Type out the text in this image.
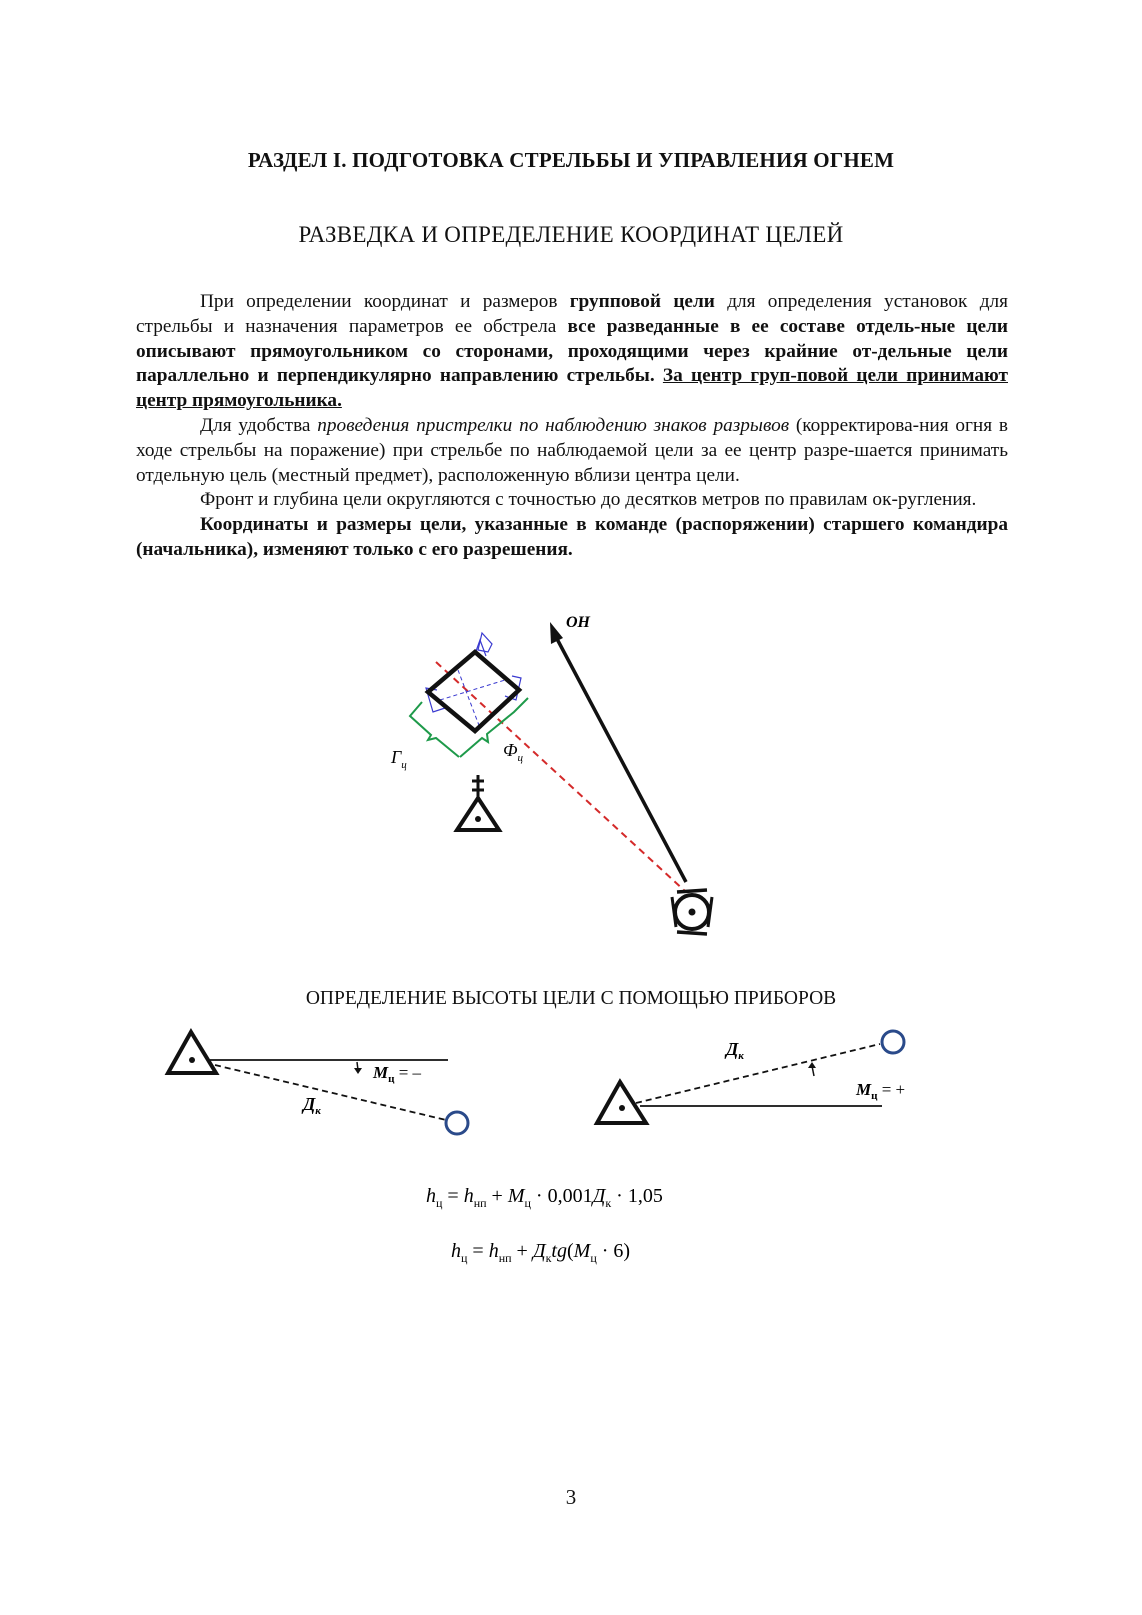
РАЗДЕЛ I. ПОДГОТОВКА СТРЕЛЬБЫ И УПРАВЛЕНИЯ ОГНЕМ
РАЗВЕДКА И ОПРЕДЕЛЕНИЕ КООРДИНАТ ЦЕЛЕЙ

При определении координат и размеров групповой цели для определения установок для стрельбы и назначения параметров ее обстрела все разведанные в ее составе отдель-ные цели описывают прямоугольником со сторонами, проходящими через крайние от-дельные цели параллельно и перпендикулярно направлению стрельбы. За центр груп-повой цели принимают центр прямоугольника.

Для удобства проведения пристрелки по наблюдению знаков разрывов (корректирова-ния огня в ходе стрельбы на поражение) при стрельбе по наблюдаемой цели за ее центр разре-шается принимать отдельную цель (местный предмет), расположенную вблизи центра цели.

Фронт и глубина цели округляются с точностью до десятков метров по правилам ок-ругления.

Координаты и размеры цели, указанные в команде (распоряжении) старшего командира (начальника), изменяют только с его разрешения.

$Г_ц$
$Ф_ц$
ОН
ОПРЕДЕЛЕНИЕ ВЫСОТЫ ЦЕЛИ С ПОМОЩЬЮ ПРИБОРОВ
$М_ц$ = –
$Д_к$
$Д_к$
$М_ц$ = +
$h_ц = h_{нп} + М_ц \cdot 0,001Д_к \cdot 1,05$
$h_ц = h_{нп} + Д_кtg(М_ц \cdot 6)$
3
